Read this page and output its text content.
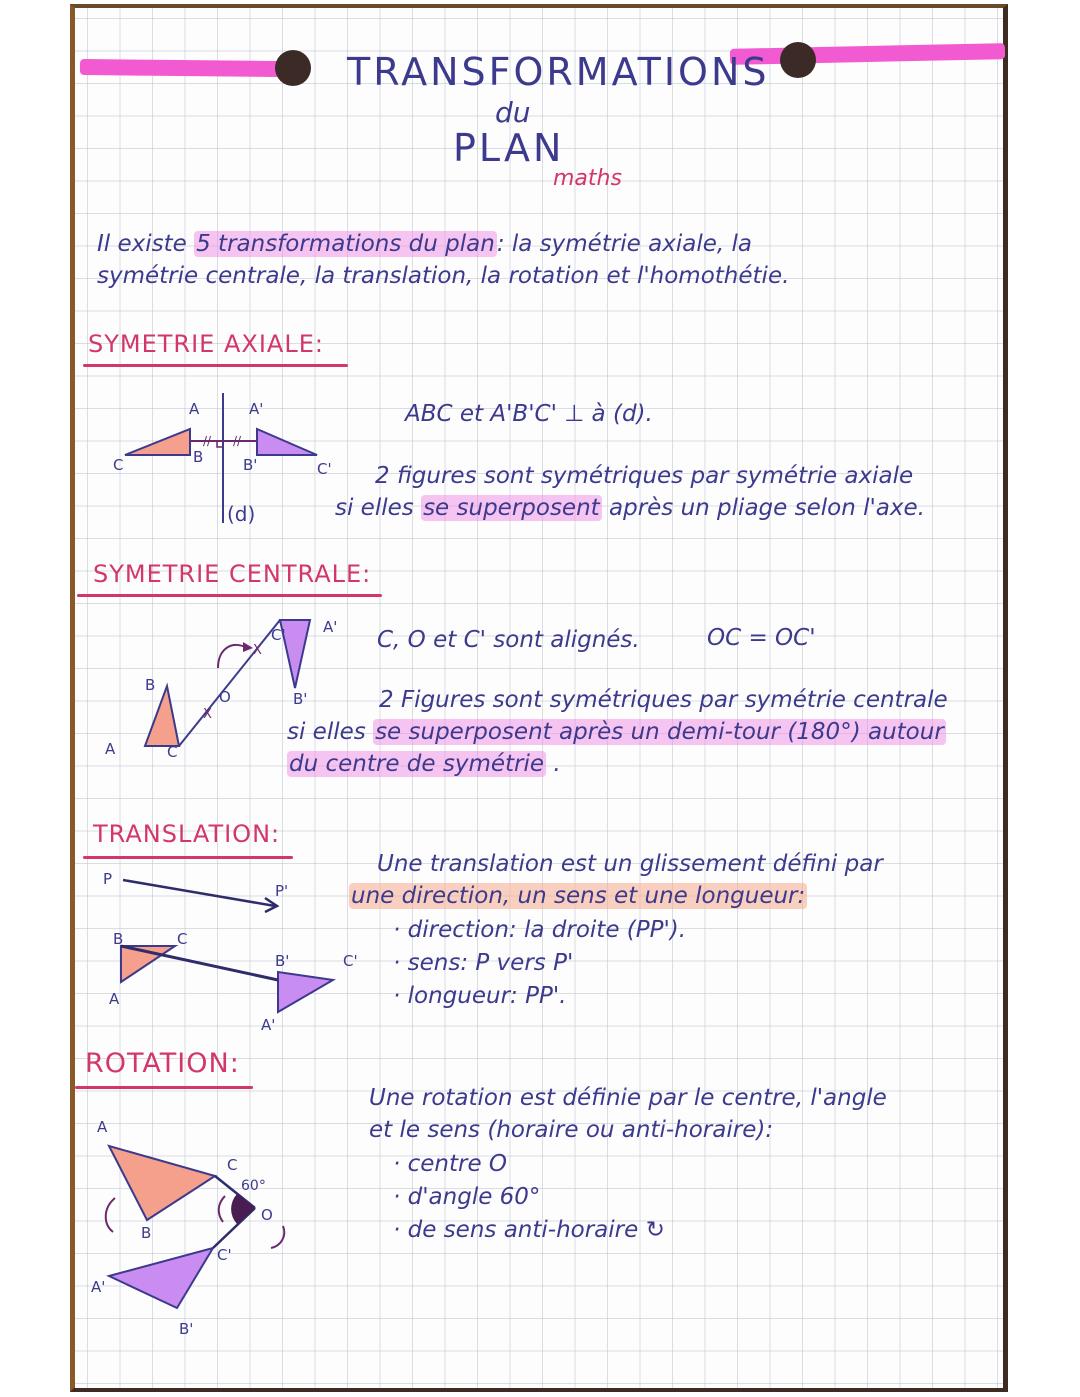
TRANSFORMATIONS
du
PLAN
maths
Il existe 5 transformations du plan: la symétrie axiale, la
symétrie centrale, la translation, la rotation et l'homothétie.
SYMETRIE AXIALE:
// //
A
B
C
A'
B'	C'
(d)
ABC et A'B'C' ⊥ à (d).
2 figures sont symétriques par symétrie axiale
si elles se superposent après un pliage selon l'axe.
SYMETRIE CENTRALE:
X
X
B
A	C
O
C' A'
B'
C, O et C' sont alignés.	OC = OC'
2 Figures sont symétriques par symétrie centrale
si elles se superposent après un demi-tour (180°) autour
du centre de symétrie .
TRANSLATION:
P
P'
B	C
A
B'	C'
A'
Une translation est un glissement défini par
une direction, un sens et une longueur:
· direction: la droite (PP').
· sens: P vers P'
· longueur: PP'.
ROTATION:
A
B
C
60°
O
C'
A'
B'
Une rotation est définie par le centre, l'angle
et le sens (horaire ou anti-horaire):
· centre O
· d'angle 60°
· de sens anti-horaire ↻
